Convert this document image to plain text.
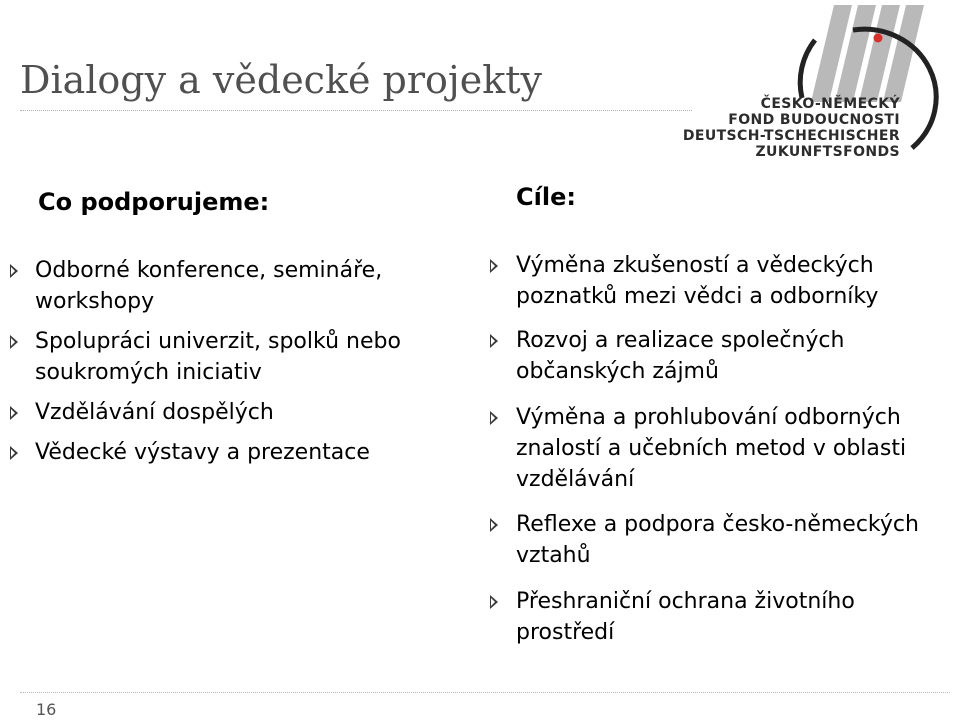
Dialogy a vědecké projekty
ČESKO-NĚMECKÝ
FOND BUDOUCNOSTI
DEUTSCH-TSCHECHISCHER
ZUKUNFTSFONDS
Co podporujeme:
Odborné konference, semináře, workshopy
Spolupráci univerzit, spolků nebo soukromých iniciativ
Vzdělávání dospělých
Vědecké výstavy a prezentace
Cíle:
Výměna zkušeností a vědeckých poznatků mezi vědci a odborníky
Rozvoj a realizace společných občanských zájmů
Výměna a prohlubování odborných znalostí a učebních metod v oblasti vzdělávání
Reflexe a podpora česko-německých vztahů
Přeshraniční ochrana životního prostředí
16
